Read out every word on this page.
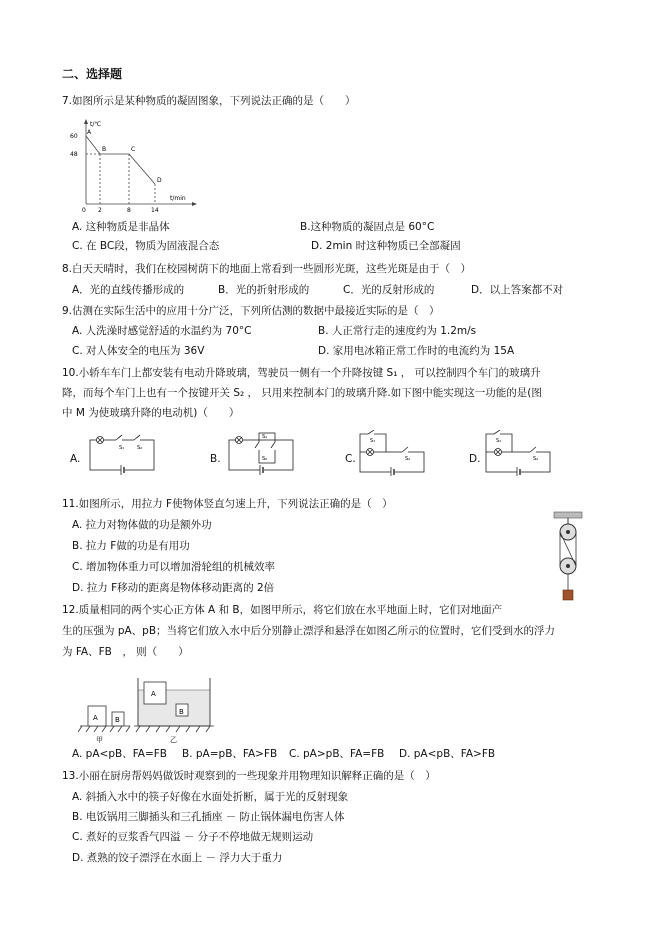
二、选择题
7.如图所示是某种物质的凝固图象，下列说法正确的是（　　）
t/℃
t/min
60
48
0 2	8	14
A
B	C
D
A. 这种物质是非晶体	B.这种物质的凝固点是 60°C
C. 在 BC段，物质为固液混合态	D. 2min 时这种物质已全部凝固
8.白天天晴时，我们在校园树荫下的地面上常看到一些圆形光斑，这些光斑是由于（　）
A．光的直线传播形成的	B．光的折射形成的	C．光的反射形成的	D．以上答案都不对
9.估测在实际生活中的应用十分广泛，下列所估测的数据中最接近实际的是（　）
A. 人洗澡时感觉舒适的水温约为 70°C	B. 人正常行走的速度约为 1.2m/s
C. 对人体安全的电压为 36V	D. 家用电冰箱正常工作时的电流约为 15A
10.小轿车车门上都安装有电动升降玻璃，驾驶员一侧有一个升降按键 S₁ ， 可以控制四个车门的玻璃升
降，而每个车门上也有一个按键开关 S₂ ， 只用来控制本门的玻璃升降.如下图中能实现这一功能的是(图
中 M 为使玻璃升降的电动机)（　　）
A.
S₁	S₂
B.
S₁
S₂	C.
S₁
S₂	D.
S₁
S₂
11.如图所示，用拉力 F使物体竖直匀速上升，下列说法正确的是（　）
A. 拉力对物体做的功是额外功
B. 拉力 F做的功是有用功
C. 增加物体重力可以增加滑轮组的机械效率
D. 拉力 F移动的距离是物体移动距离的 2倍
12.质量相同的两个实心正方体 A 和 B，如图甲所示，将它们放在水平地面上时，它们对地面产
生的压强为 pA、pB；当将它们放入水中后分别静止漂浮和悬浮在如图乙所示的位置时，它们受到水的浮力
为 FA、FB　， 则（　　）
A B
甲
A
B
乙
A. pA<pB、FA=FB B. pA=pB、FA>FB C. pA>pB、FA=FB D. pA<pB、FA>FB
13.小丽在厨房帮妈妈做饭时观察到的一些现象并用物理知识解释正确的是（　）
A. 斜插入水中的筷子好像在水面处折断，属于光的反射现象
B. 电饭锅用三脚插头和三孔插座 － 防止锅体漏电伤害人体
C. 煮好的豆浆香气四溢 － 分子不停地做无规则运动
D. 煮熟的饺子漂浮在水面上 － 浮力大于重力
